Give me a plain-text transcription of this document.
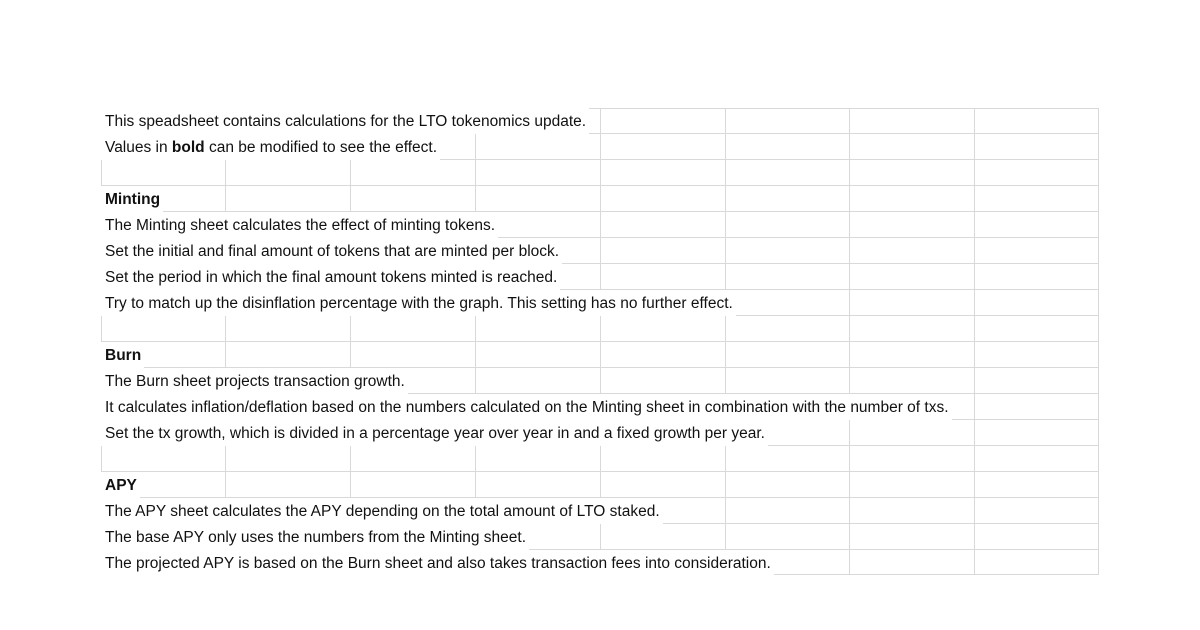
This speadsheet contains calculations for the LTO tokenomics update.
Values in bold can be modified to see the effect.
Minting
The Minting sheet calculates the effect of minting tokens.
Set the initial and final amount of tokens that are minted per block.
Set the period in which the final amount tokens minted is reached.
Try to match up the disinflation percentage with the graph. This setting has no further effect.
Burn
The Burn sheet projects transaction growth.
It calculates inflation/deflation based on the numbers calculated on the Minting sheet in combination with the number of txs.
Set the tx growth, which is divided in a percentage year over year in and a fixed growth per year.
APY
The APY sheet calculates the APY depending on the total amount of LTO staked.
The base APY only uses the numbers from the Minting sheet.
The projected APY is based on the Burn sheet and also takes transaction fees into consideration.
